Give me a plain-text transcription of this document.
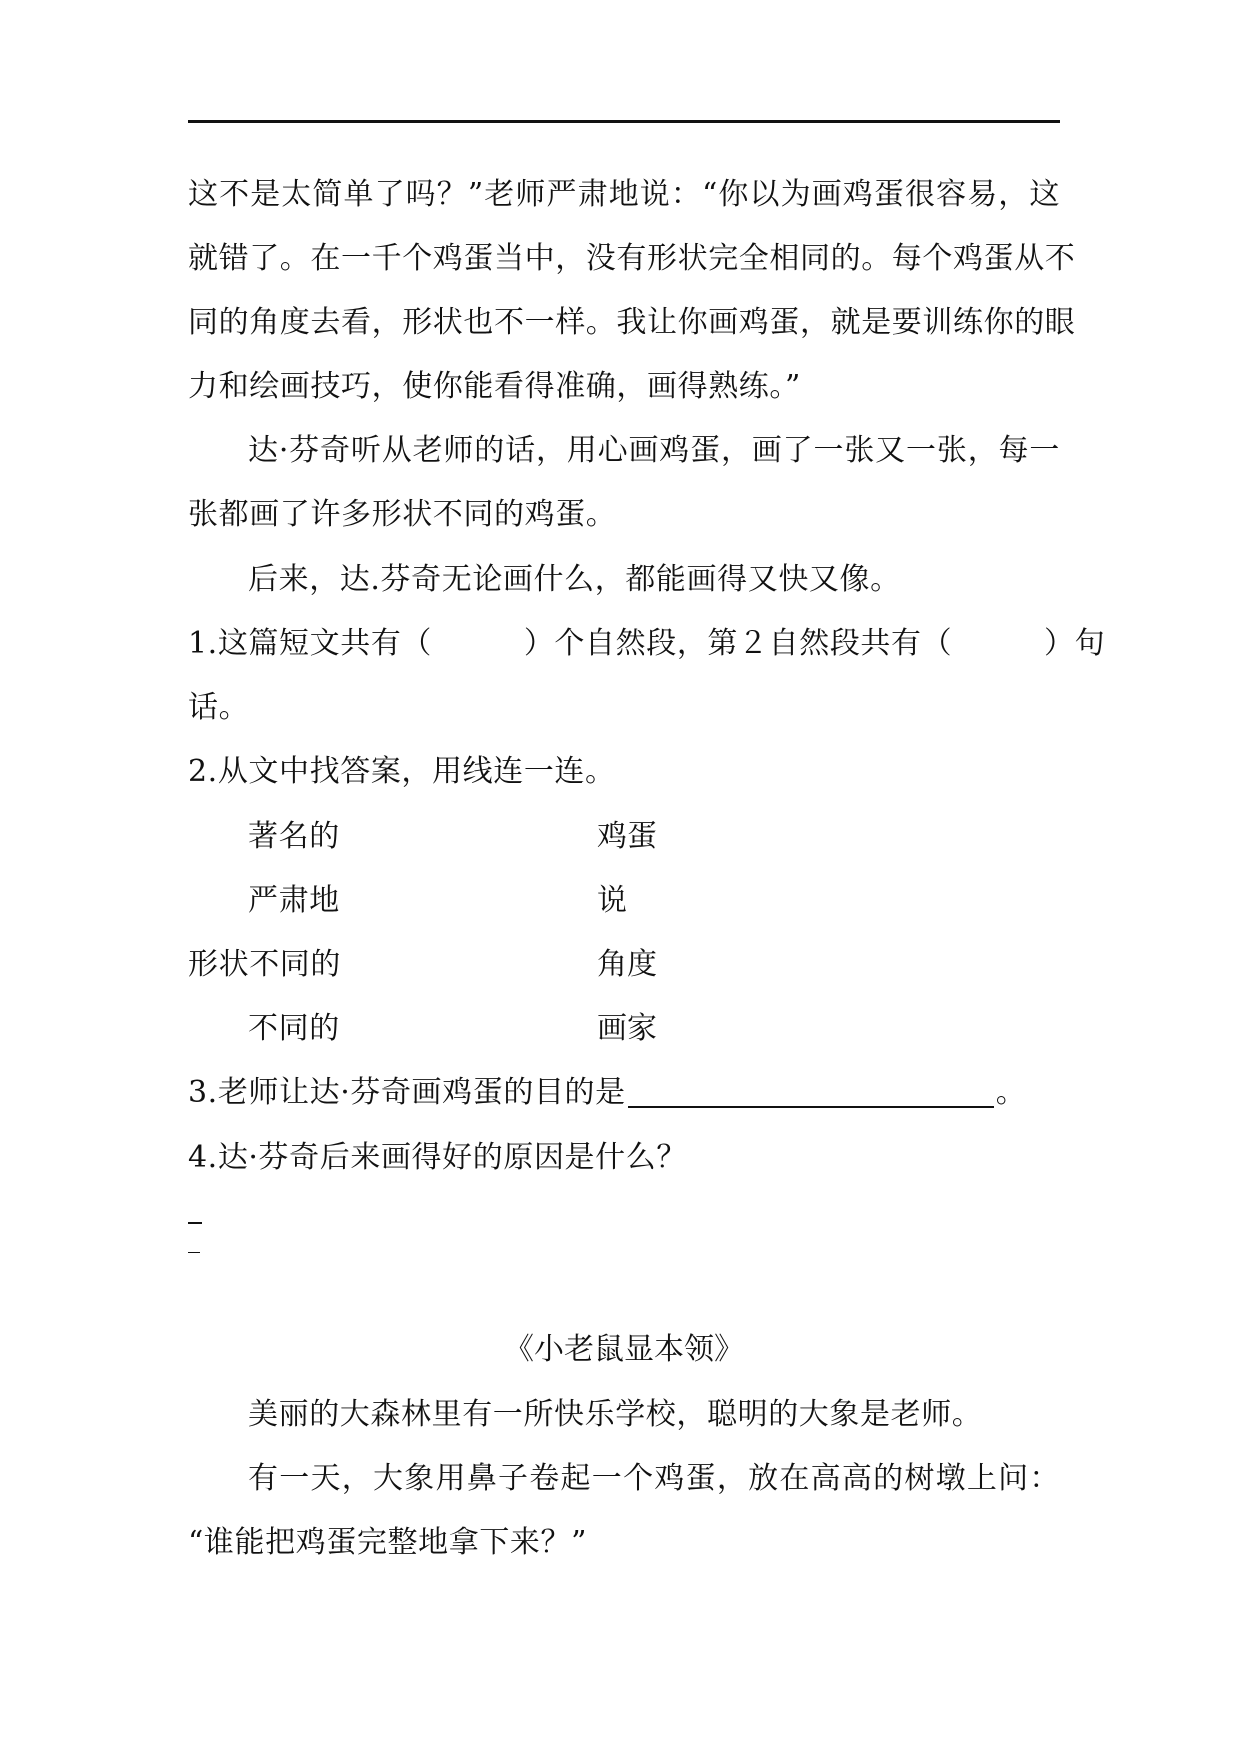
这不是太简单了吗？”老师严肃地说：“你以为画鸡蛋很容易，这
就错了。在一千个鸡蛋当中，没有形状完全相同的。每个鸡蛋从不
同的角度去看，形状也不一样。我让你画鸡蛋，就是要训练你的眼
力和绘画技巧，使你能看得准确，画得熟练。”
达·芬奇听从老师的话，用心画鸡蛋，画了一张又一张，每一
张都画了许多形状不同的鸡蛋。
后来，达.芬奇无论画什么，都能画得又快又像。
1.这篇短文共有（　　　）个自然段，第２自然段共有（　　　）句
话。
2.从文中找答案，用线连一连。
著名的	鸡蛋
严肃地	说
形状不同的	角度
不同的	画家
3.老师让达·芬奇画鸡蛋的目的是	。
4.达·芬奇后来画得好的原因是什么？
《小老鼠显本领》
美丽的大森林里有一所快乐学校，聪明的大象是老师。
有一天，大象用鼻子卷起一个鸡蛋，放在高高的树墩上问：
“谁能把鸡蛋完整地拿下来？”
